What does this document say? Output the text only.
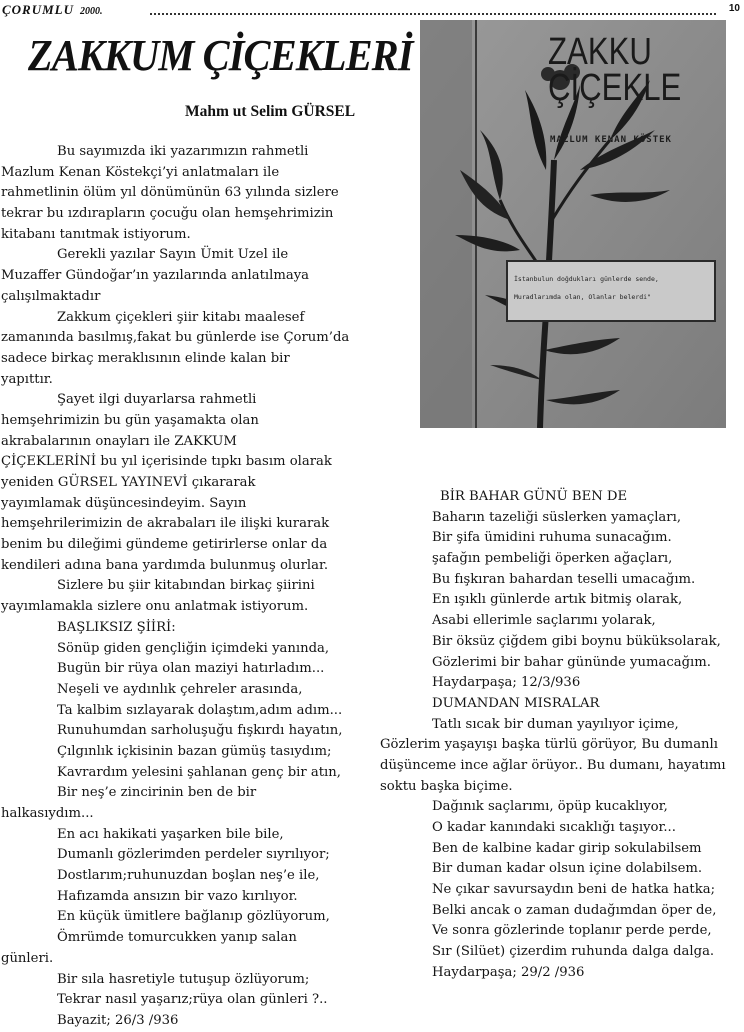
ÇORUMLU 2000.	10
ZAKKUM ÇİÇEKLERİ
Mahm ut Selim GÜRSEL
ZAKKU
ÇİÇEKLE
MAZLUM KENAN KÖSTEK
İstanbulun doğdukları günlerde sende,
Muradlarımda olan, Olanlar belerdi"
Bu sayımızda iki yazarımızın rahmetli
Mazlum Kenan Köstekçi’yi anlatmaları ile
rahmetlinin ölüm yıl dönümünün 63 yılında sizlere
tekrar bu ızdırapların çocuğu olan hemşehrimizin
kitabanı tanıtmak istiyorum.
Gerekli yazılar Sayın Ümit Uzel ile
Muzaffer Gündoğar’ın yazılarında anlatılmaya
çalışılmaktadır
Zakkum çiçekleri şiir kitabı maalesef
zamanında basılmış,fakat bu günlerde ise Çorum’da
sadece birkaç meraklısının elinde kalan bir
yapıttır.
Şayet ilgi duyarlarsa rahmetli
hemşehrimizin bu gün yaşamakta olan
akrabalarının onayları ile ZAKKUM
ÇİÇEKLERİNİ bu yıl içerisinde tıpkı basım olarak
yeniden GÜRSEL YAYINEVİ çıkararak
yayımlamak düşüncesindeyim. Sayın
hemşehrilerimizin de akrabaları ile ilişki kurarak
benim bu dileğimi gündeme getirirlerse onlar da
kendileri adına bana yardımda bulunmuş olurlar.
Sizlere bu şiir kitabından birkaç şiirini
yayımlamakla sizlere onu anlatmak istiyorum.
BAŞLIKSIZ ŞİİRİ:
Sönüp giden gençliğin içimdeki yanında,
Bugün bir rüya olan maziyi hatırladım...
Neşeli ve aydınlık çehreler arasında,
Ta kalbim sızlayarak dolaştım,adım adım...
Runuhumdan sarholuşuğu fışkırdı hayatın,
Çılgınlık içkisinin bazan gümüş tasıydım;
Kavrardım yelesini şahlanan genç bir atın,
Bir neş’e zincirinin ben de bir
halkasıydım...
En acı hakikati yaşarken bile bile,
Dumanlı gözlerimden perdeler sıyrılıyor;
Dostlarım;ruhunuzdan boşlan neş’e ile,
Hafızamda ansızın bir vazo kırılıyor.
En küçük ümitlere bağlanıp gözlüyorum,
Ömrümde tomurcukken yanıp salan
günleri.
Bir sıla hasretiyle tutuşup özlüyorum;
Tekrar nasıl yaşarız;rüya olan günleri ?..
Bayazit; 26/3 /936
BİR BAHAR GÜNÜ BEN DE
Baharın tazeliği süslerken yamaçları,
Bir şifa ümidini ruhuma sunacağım.
şafağın pembeliği öperken ağaçları,
Bu fışkıran bahardan teselli umacağım.
En ışıklı günlerde artık bitmiş olarak,
Asabi ellerimle saçlarımı yolarak,
Bir öksüz çiğdem gibi boynu büküksolarak,
Gözlerimi bir bahar gününde yumacağım.
Haydarpaşa; 12/3/936
DUMANDAN MISRALAR
Tatlı sıcak bir duman yayılıyor içime,
Gözlerim yaşayışı başka türlü görüyor, Bu dumanlı
düşünceme ince ağlar örüyor.. Bu dumanı, hayatımı
soktu başka biçime.
Dağınık saçlarımı, öpüp kucaklıyor,
O kadar kanındaki sıcaklığı taşıyor...
Ben de kalbine kadar girip sokulabilsem
Bir duman kadar olsun içine dolabilsem.
Ne çıkar savursaydın beni de hatka hatka;
Belki ancak o zaman dudağımdan öper de,
Ve sonra gözlerinde toplanır perde perde,
Sır (Silüet) çizerdim ruhunda dalga dalga.
Haydarpaşa; 29/2 /936
